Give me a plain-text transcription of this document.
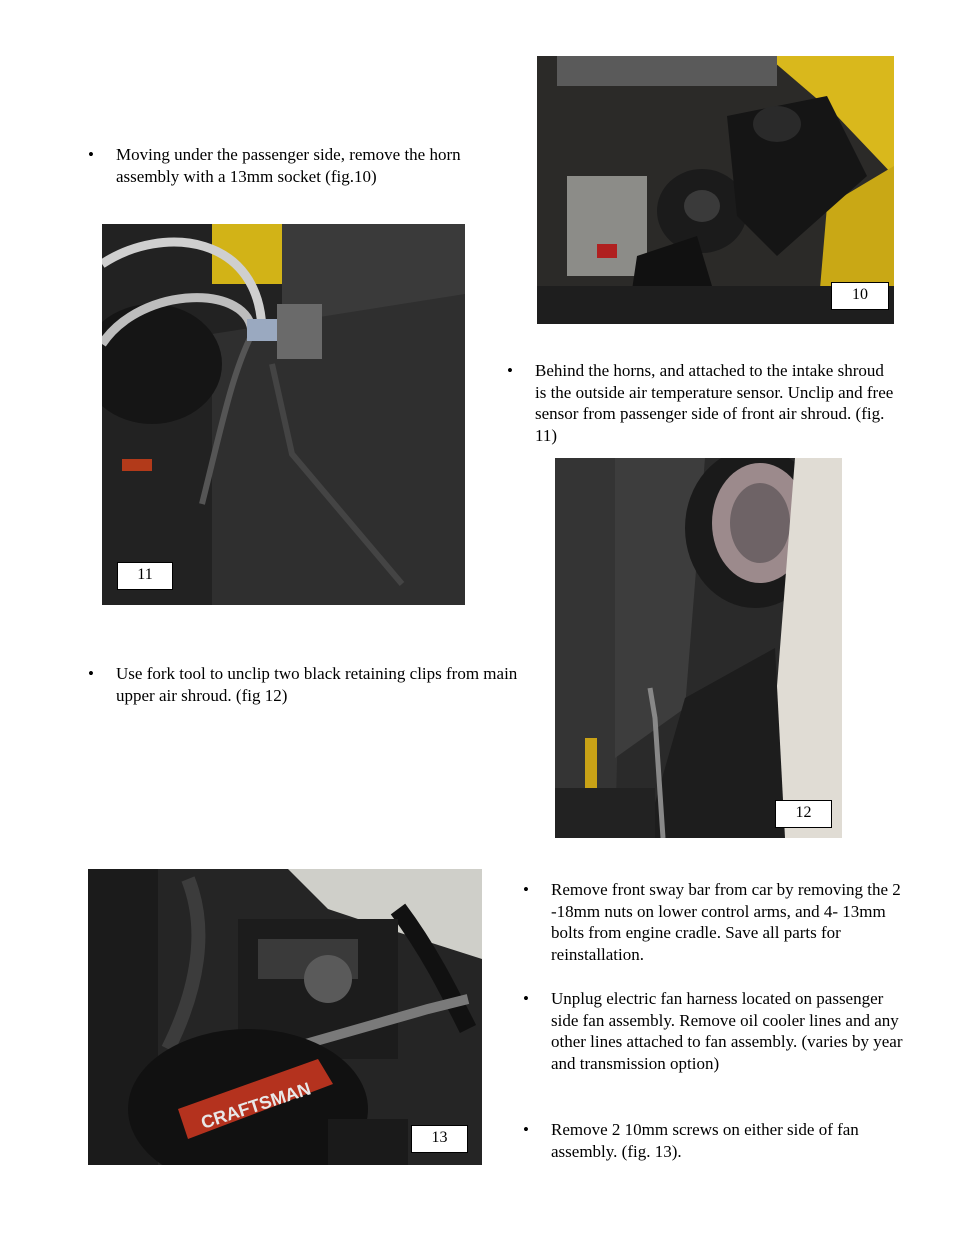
• Moving under the passenger side, remove the horn assembly with a 13mm socket (fig.10)
10
11
• Behind the horns, and attached to the intake shroud is the outside air temperature sensor. Unclip and free sensor from passenger side of front air shroud. (fig. 11)
12
• Use fork tool to unclip two black retaining clips from main upper air shroud. (fig 12)
CRAFTSMAN
13
• Remove front sway bar from car by removing the 2 -18mm nuts on lower control arms, and 4- 13mm bolts from engine cradle. Save all parts for reinstallation.
• Unplug electric fan harness located on passenger side fan assembly. Remove oil cooler lines and any other lines attached to fan assembly. (varies by year and transmission option)
• Remove 2 10mm screws on either side of fan assembly. (fig. 13).
